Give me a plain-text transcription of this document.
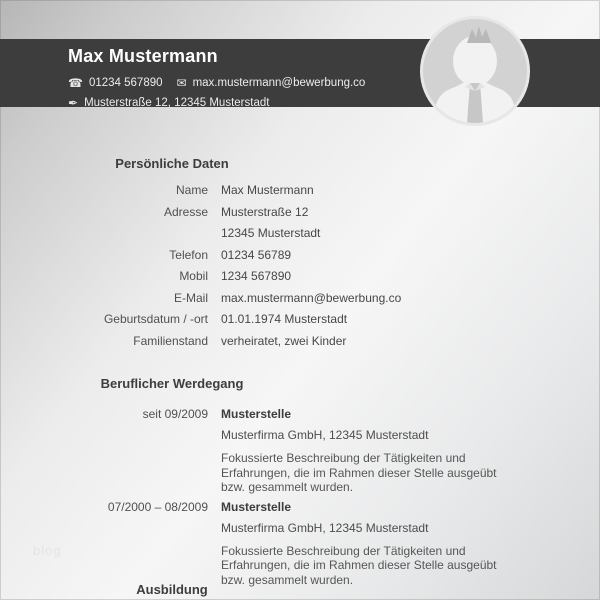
Max Mustermann
☎ 01234 567890 ✉ max.mustermann@bewerbung.co
✒ Musterstraße 12, 12345 Musterstadt
Persönliche Daten
Name Max Mustermann
Adresse Musterstraße 12
12345 Musterstadt
Telefon 01234 56789
Mobil 1234 567890
E-Mail max.mustermann@bewerbung.co
Geburtsdatum / -ort 01.01.1974 Musterstadt
Familienstand verheiratet, zwei Kinder
Beruflicher Werdegang
seit 09/2009 Musterstelle
Musterfirma GmbH, 12345 Musterstadt
Fokussierte Beschreibung der Tätigkeiten und Erfahrungen, die im Rahmen dieser Stelle ausgeübt bzw. gesammelt wurden.
07/2000 – 08/2009 Musterstelle
Musterfirma GmbH, 12345 Musterstadt
Fokussierte Beschreibung der Tätigkeiten und Erfahrungen, die im Rahmen dieser Stelle ausgeübt bzw. gesammelt wurden.
Ausbildung
blog
